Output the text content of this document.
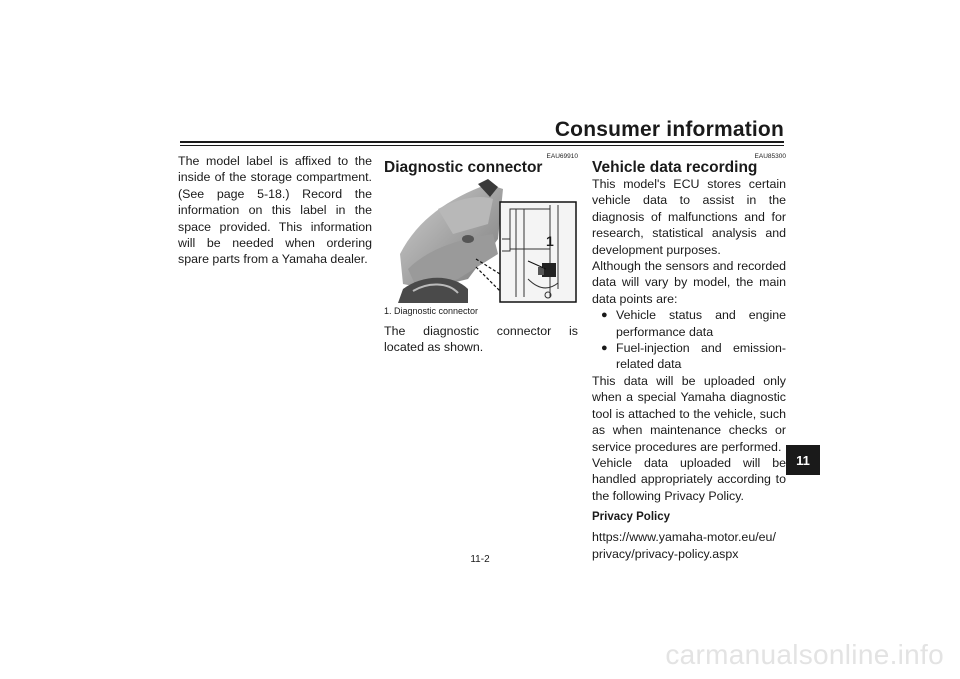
Consumer information
The model label is affixed to the inside of the storage compartment. (See page 5-18.) Record the information on this label in the space provided. This information will be needed when ordering spare parts from a Yamaha dealer.
EAU69910
Diagnostic connector
1
1. Diagnostic connector
The diagnostic connector is located as shown.
EAU85300
Vehicle data recording
This model's ECU stores certain vehicle data to assist in the diagnosis of malfunctions and for research, statistical analysis and development purposes.
Although the sensors and recorded data will vary by model, the main data points are:
● Vehicle status and engine performance data
● Fuel-injection and emission-related data
This data will be uploaded only when a special Yamaha diagnostic tool is attached to the vehicle, such as when maintenance checks or service procedures are performed.
Vehicle data uploaded will be handled appropriately according to the following Privacy Policy.
Privacy Policy
https://www.yamaha-motor.eu/eu/
privacy/privacy-policy.aspx
11
11-2
carmanualsonline.info
